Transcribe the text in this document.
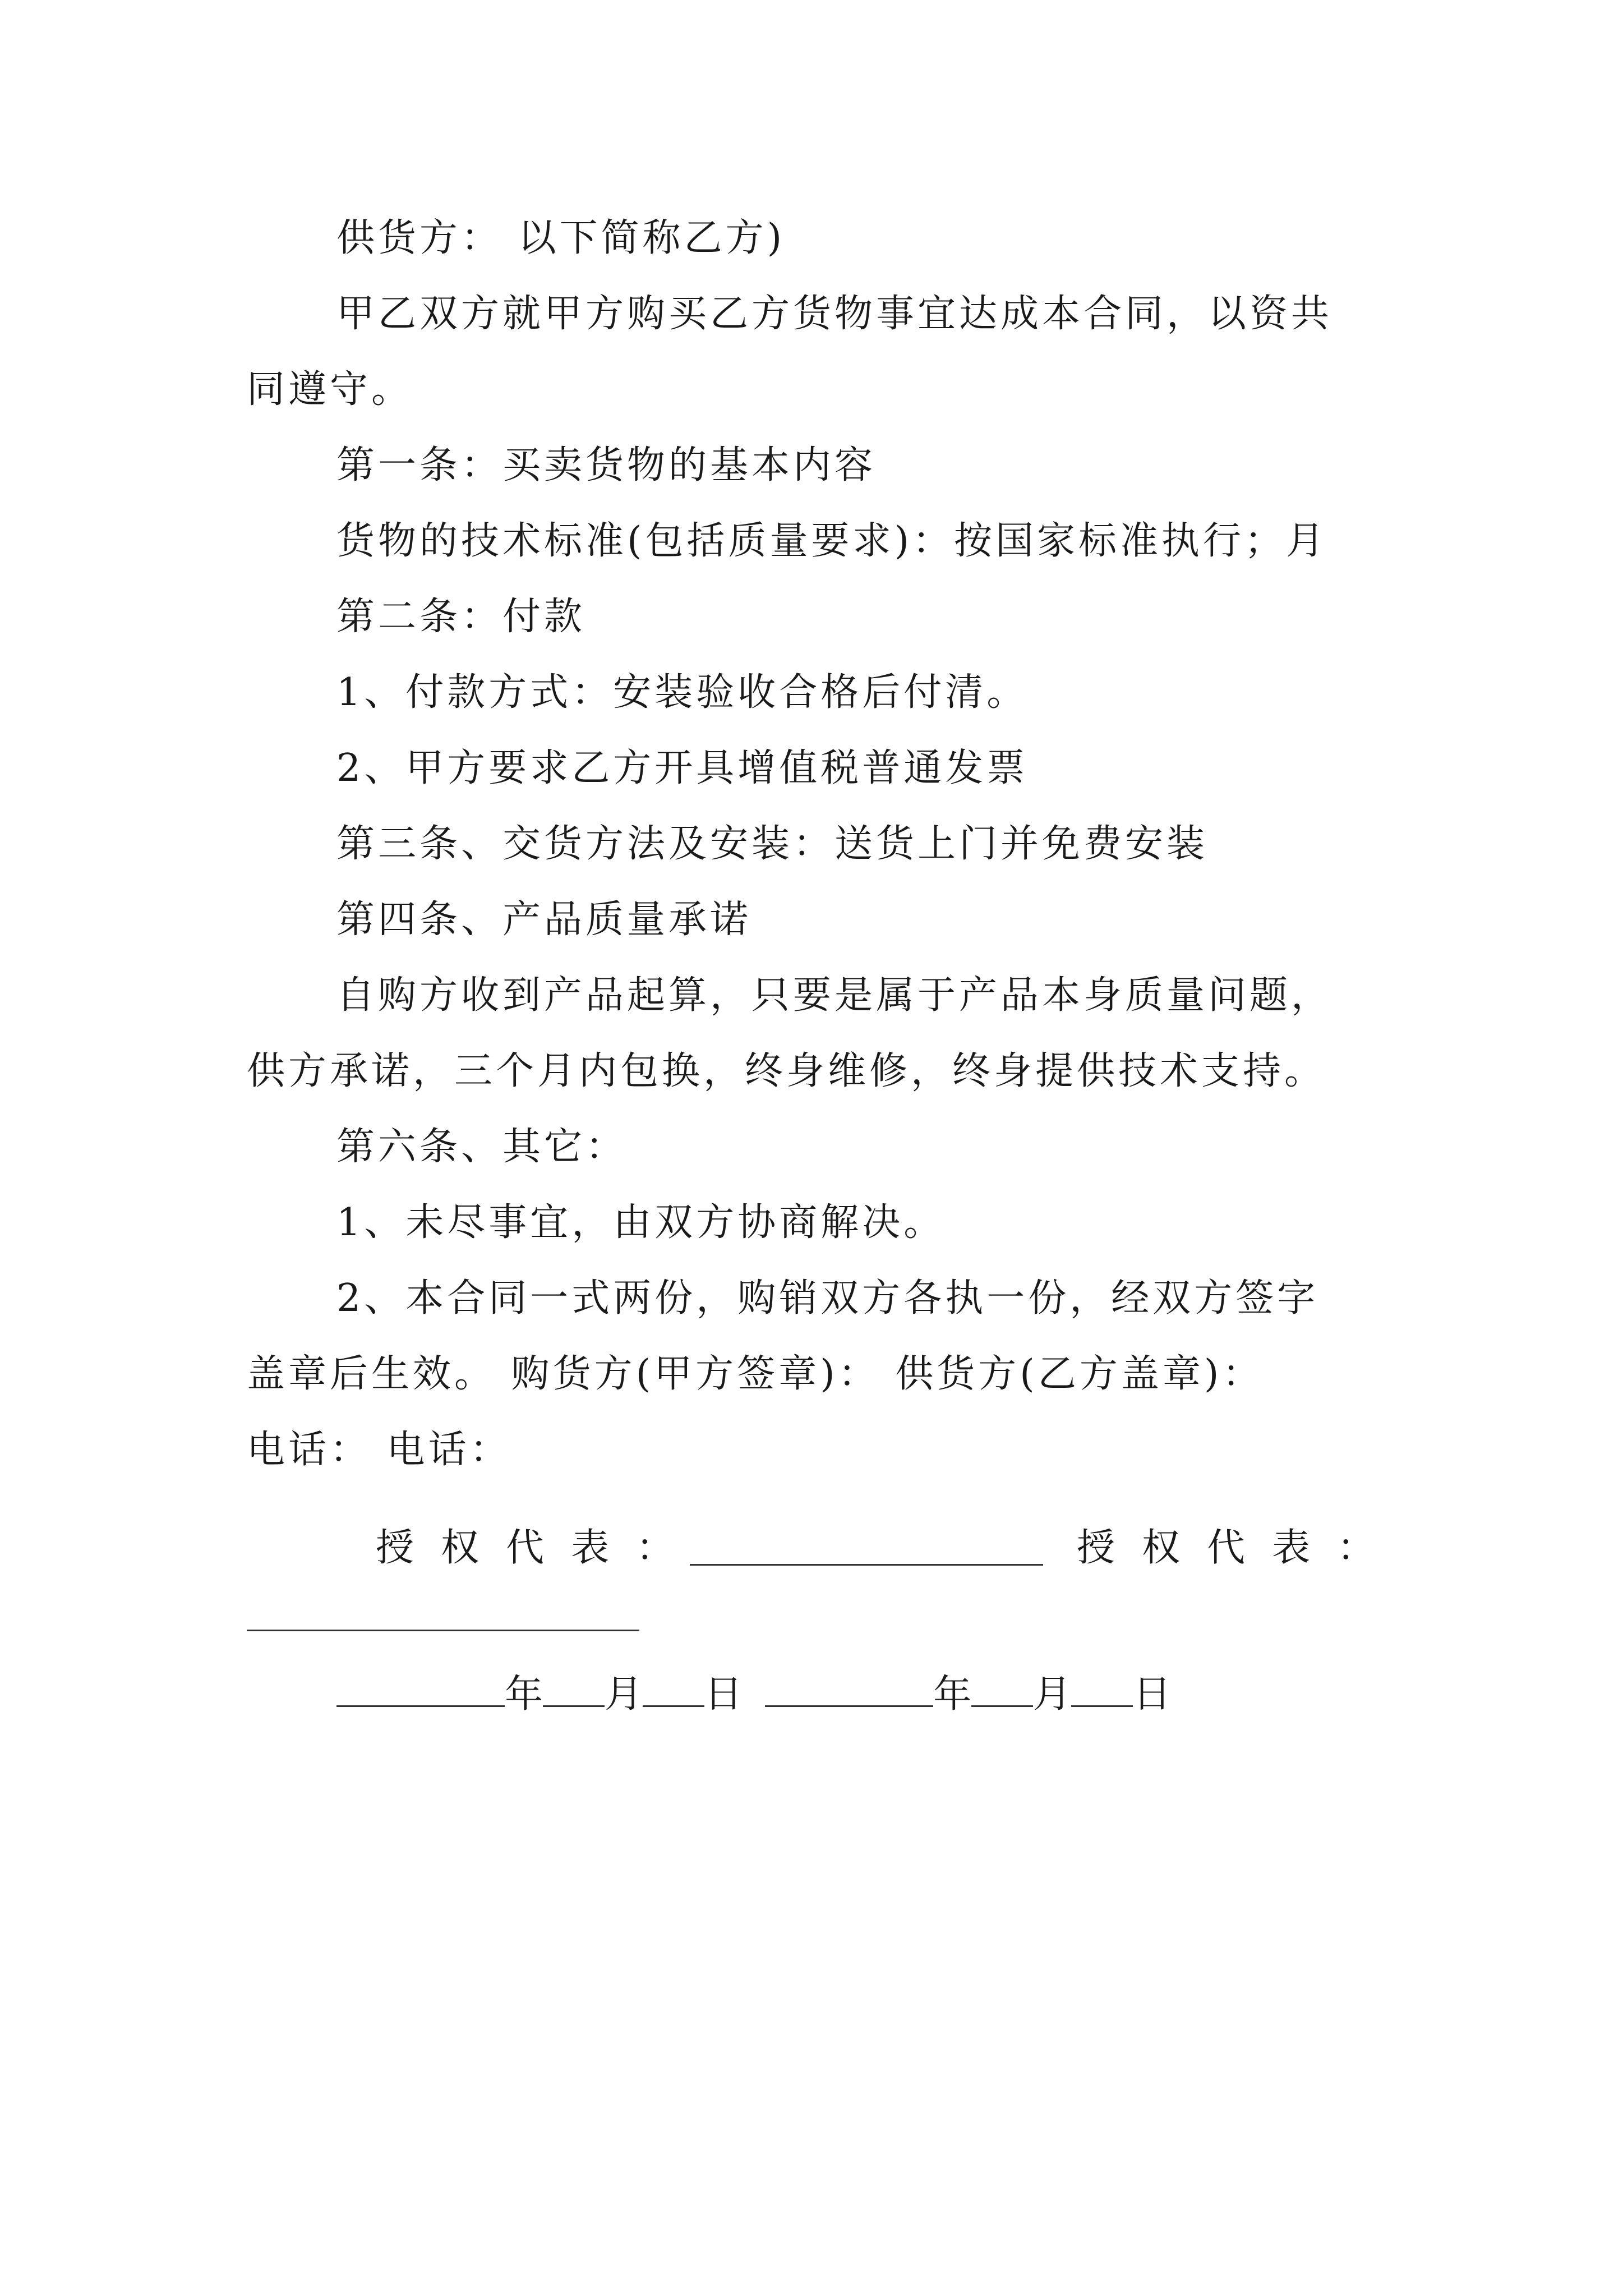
供货方： 以下简称乙方)
甲乙双方就甲方购买乙方货物事宜达成本合同，以资共
同遵守。
第一条：买卖货物的基本内容
货物的技术标准(包括质量要求)：按国家标准执行；月
第二条：付款
1、付款方式：安装验收合格后付清。
2、甲方要求乙方开具增值税普通发票
第三条、交货方法及安装：送货上门并免费安装
第四条、产品质量承诺
自购方收到产品起算，只要是属于产品本身质量问题，
供方承诺，三个月内包换，终身维修，终身提供技术支持。
第六条、其它：
1、未尽事宜，由双方协商解决。
2、本合同一式两份，购销双方各执一份，经双方签字
盖章后生效。 购货方(甲方签章)： 供货方(乙方盖章)：
电话： 电话：
授权代表：	授权代表：
年 月 日	年 月 日
